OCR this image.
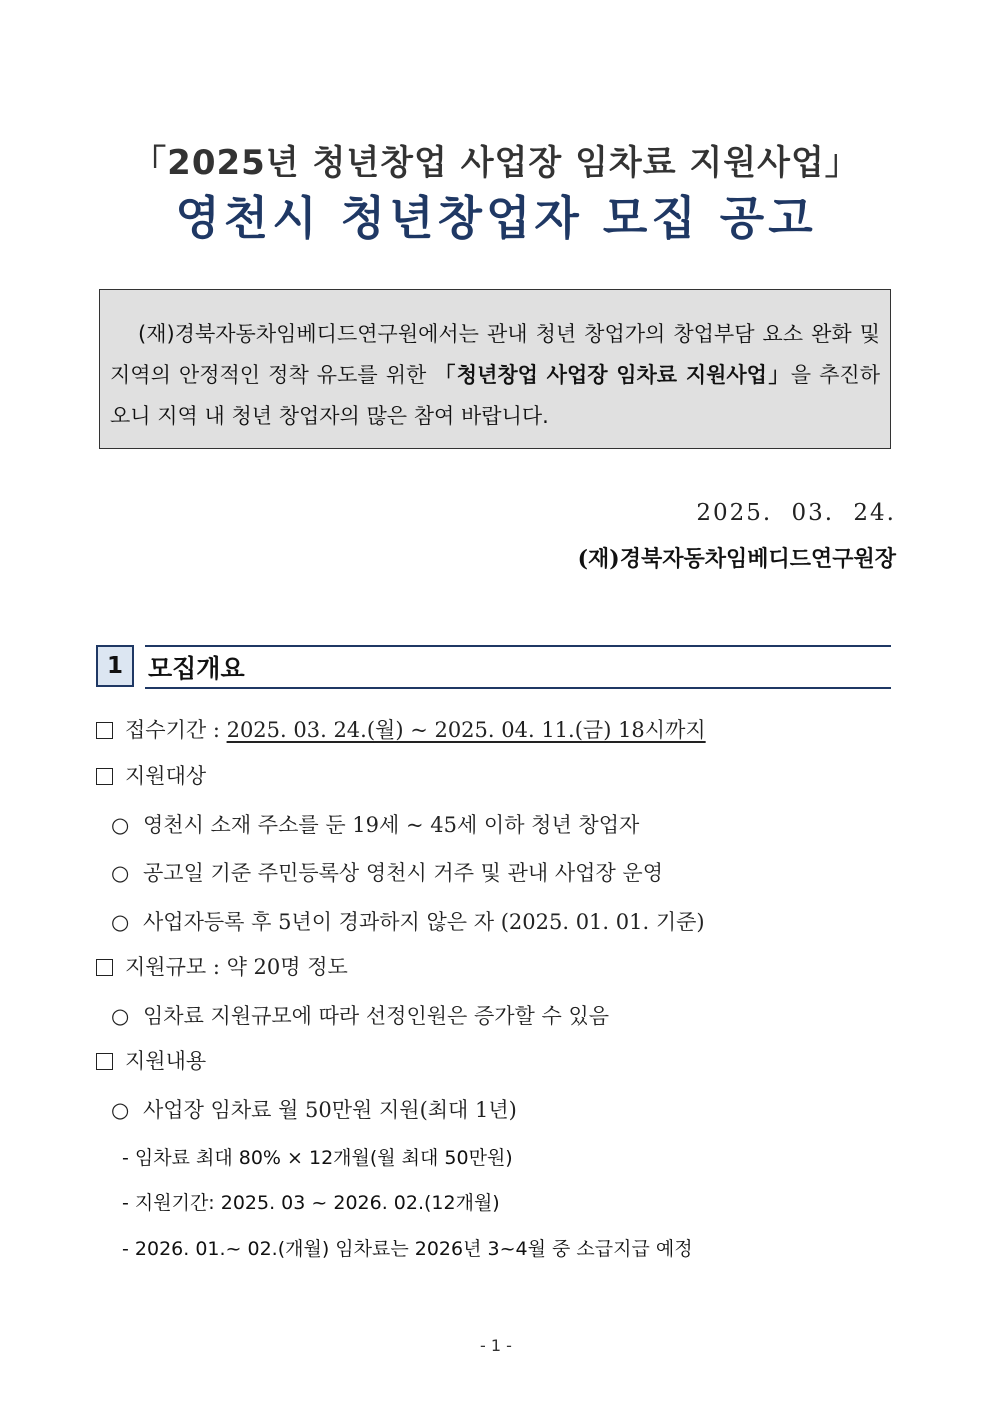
「2025년 청년창업 사업장 임차료 지원사업」
영천시 청년창업자 모집 공고
(재)경북자동차임베디드연구원에서는 관내 청년 창업가의 창업부담 요소 완화 및 지역의 안정적인 정착 유도를 위한 「청년창업 사업장 임차료 지원사업」을 추진하오니 지역 내 청년 창업자의 많은 참여 바랍니다.
2025. 03. 24.
(재)경북자동차임베디드연구원장
1	모집개요
접수기간 : 2025. 03. 24.(월) ~ 2025. 04. 11.(금) 18시까지
지원대상
○ 영천시 소재 주소를 둔 19세 ~ 45세 이하 청년 창업자
○ 공고일 기준 주민등록상 영천시 거주 및 관내 사업장 운영
○ 사업자등록 후 5년이 경과하지 않은 자 (2025. 01. 01. 기준)
지원규모 : 약 20명 정도
○ 임차료 지원규모에 따라 선정인원은 증가할 수 있음
지원내용
○ 사업장 임차료 월 50만원 지원(최대 1년)
- 임차료 최대 80% × 12개월(월 최대 50만원)
- 지원기간: 2025. 03 ~ 2026. 02.(12개월)
- 2026. 01.~ 02.(개월) 임차료는 2026년 3~4월 중 소급지급 예정
- 1 -
